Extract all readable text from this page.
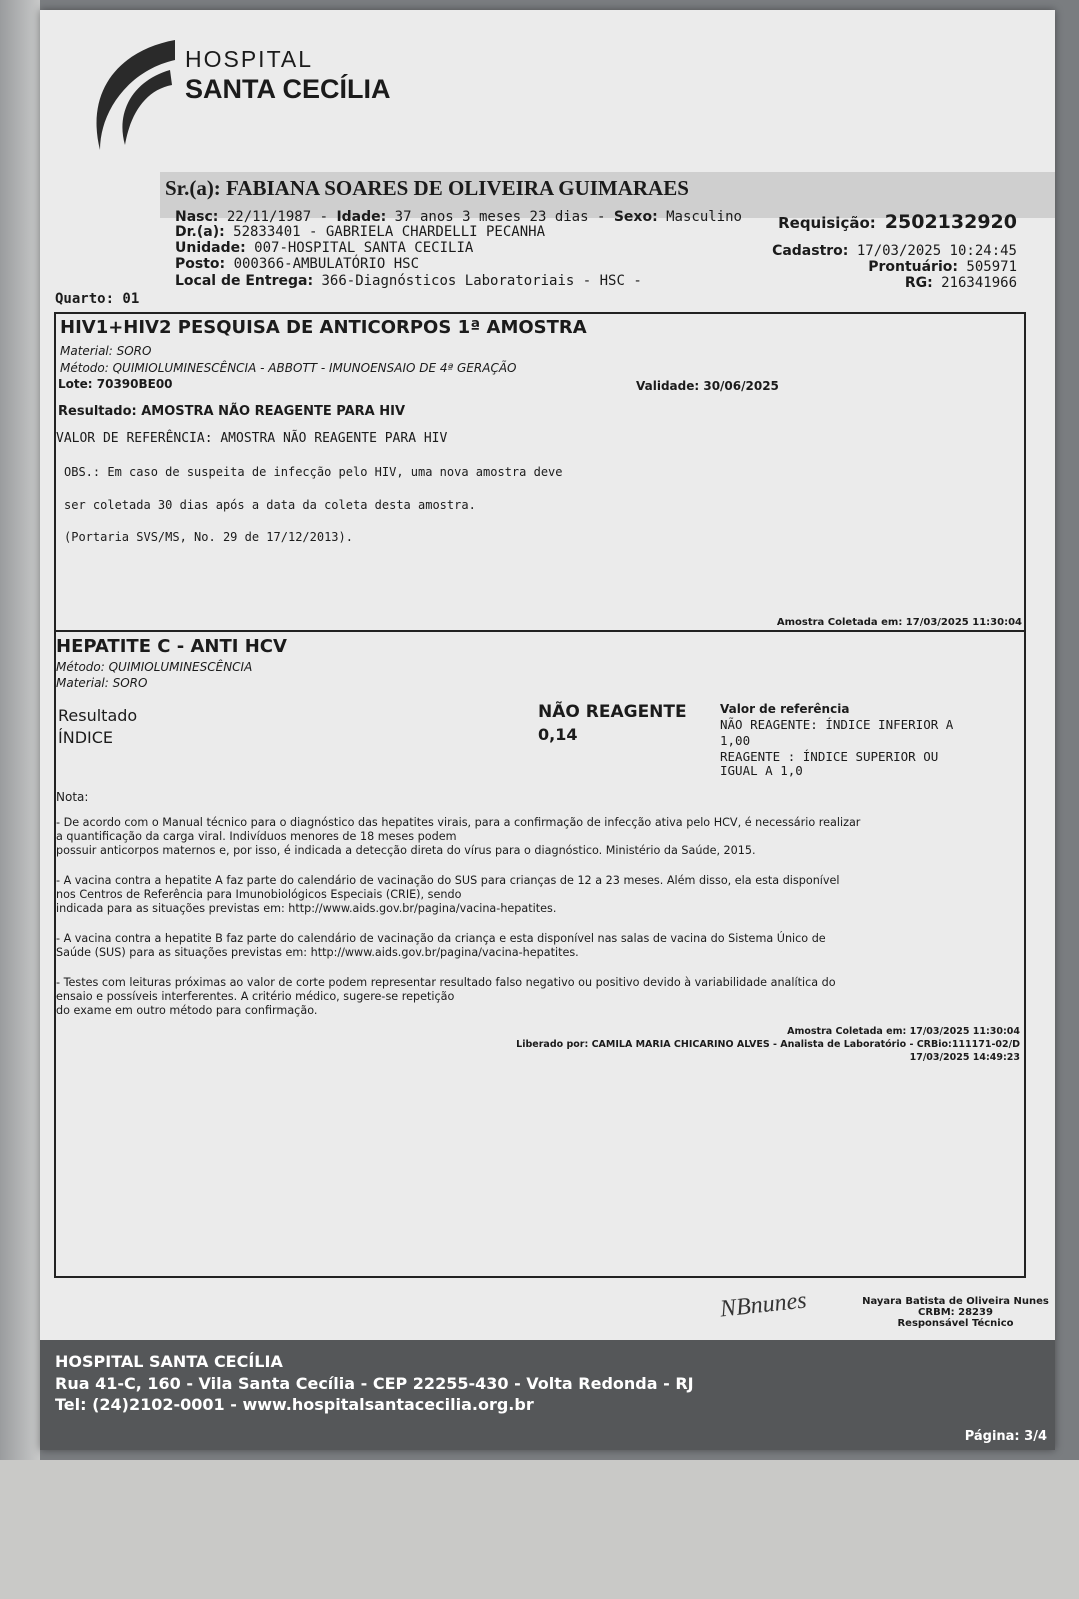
HOSPITAL
SANTA CECÍLIA
Sr.(a): FABIANA SOARES DE OLIVEIRA GUIMARAES
Nasc: 22/11/1987 - Idade: 37 anos 3 meses 23 dias - Sexo: Masculino
Dr.(a): 52833401 - GABRIELA CHARDELLI PECANHA
Unidade: 007-HOSPITAL SANTA CECILIA
Posto: 000366-AMBULATÓRIO HSC
Local de Entrega: 366-Diagnósticos Laboratoriais - HSC -
Quarto: 01
Requisição: 2502132920
Cadastro: 17/03/2025 10:24:45
Prontuário: 505971
RG: 216341966
HIV1+HIV2 PESQUISA DE ANTICORPOS 1ª AMOSTRA
Material: SORO
Método: QUIMIOLUMINESCÊNCIA - ABBOTT - IMUNOENSAIO DE 4ª GERAÇÃO
Lote: 70390BE00	Validade: 30/06/2025
Resultado: AMOSTRA NÃO REAGENTE PARA HIV
VALOR DE REFERÊNCIA: AMOSTRA NÃO REAGENTE PARA HIV
OBS.: Em caso de suspeita de infecção pelo HIV, uma nova amostra deve
ser coletada 30 dias após a data da coleta desta amostra.
(Portaria SVS/MS, No. 29 de 17/12/2013).
Amostra Coletada em: 17/03/2025 11:30:04
HEPATITE C - ANTI HCV
Método: QUIMIOLUMINESCÊNCIA
Material: SORO
Resultado
ÍNDICE
NÃO REAGENTE
0,14
Valor de referência
NÃO REAGENTE: ÍNDICE INFERIOR A
1,00
REAGENTE : ÍNDICE SUPERIOR OU
IGUAL A 1,0
Nota:

- De acordo com o Manual técnico para o diagnóstico das hepatites virais, para a confirmação de infecção ativa pelo HCV, é necessário realizar

a quantificação da carga viral. Indivíduos menores de 18 meses podem

possuir anticorpos maternos e, por isso, é indicada a detecção direta do vírus para o diagnóstico. Ministério da Saúde, 2015.

- A vacina contra a hepatite A faz parte do calendário de vacinação do SUS para crianças de 12 a 23 meses. Além disso, ela esta disponível

nos Centros de Referência para Imunobiológicos Especiais (CRIE), sendo

indicada para as situações previstas em: http://www.aids.gov.br/pagina/vacina-hepatites.

- A vacina contra a hepatite B faz parte do calendário de vacinação da criança e esta disponível nas salas de vacina do Sistema Único de

Saúde (SUS) para as situações previstas em: http://www.aids.gov.br/pagina/vacina-hepatites.

- Testes com leituras próximas ao valor de corte podem representar resultado falso negativo ou positivo devido à variabilidade analítica do

ensaio e possíveis interferentes. A critério médico, sugere-se repetição

do exame em outro método para confirmação.

Amostra Coletada em: 17/03/2025 11:30:04
Liberado por: CAMILA MARIA CHICARINO ALVES - Analista de Laboratório - CRBio:111171-02/D
17/03/2025 14:49:23
NBnunes	Nayara Batista de Oliveira Nunes
CRBM: 28239
Responsável Técnico
HOSPITAL SANTA CECÍLIA
Rua 41-C, 160 - Vila Santa Cecília - CEP 22255-430 - Volta Redonda - RJ
Tel: (24)2102-0001 - www.hospitalsantacecilia.org.br
Página: 3/4
